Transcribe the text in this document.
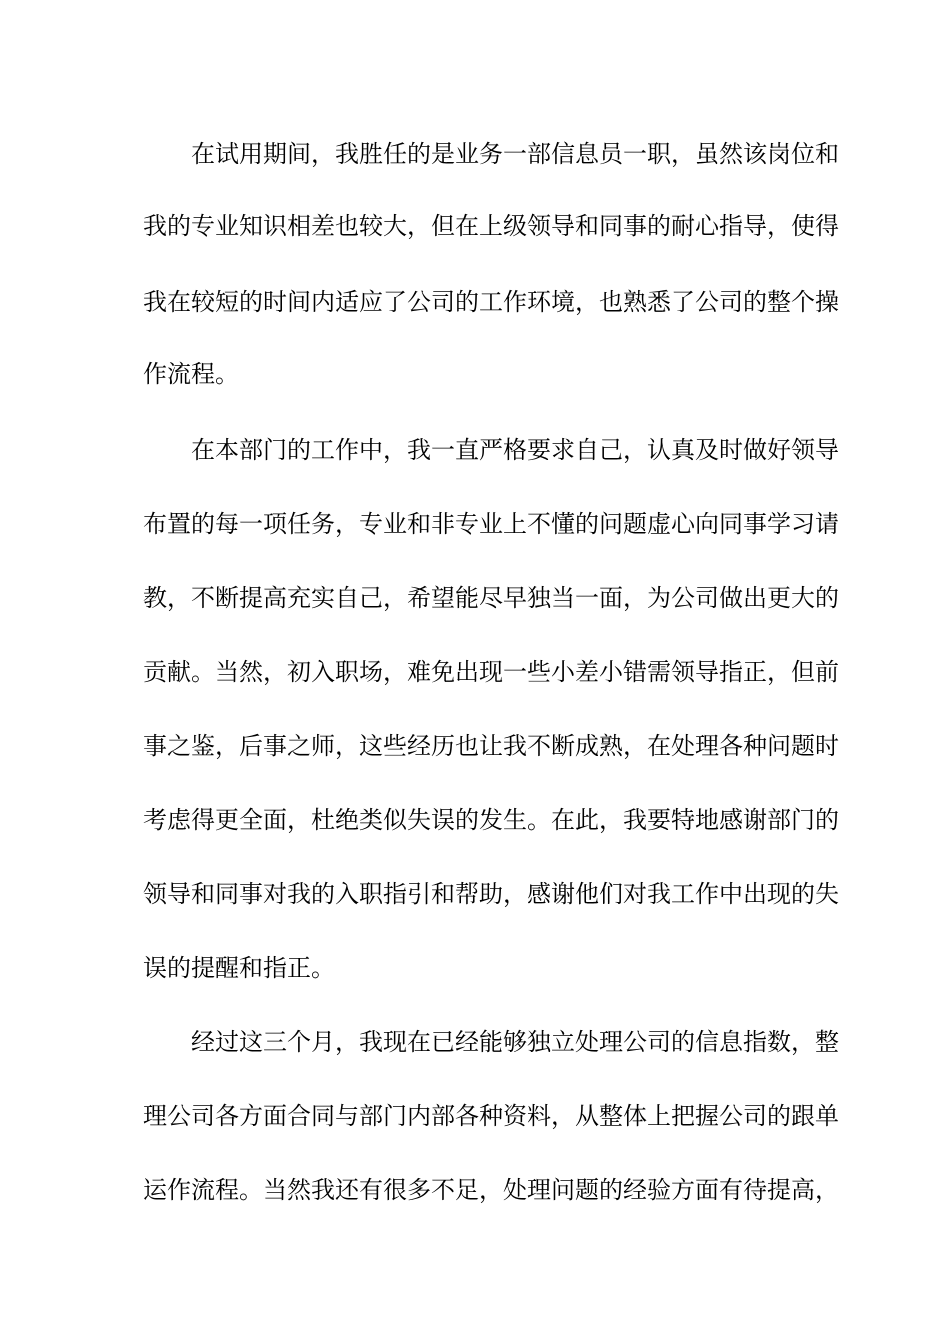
在试用期间，我胜任的是业务一部信息员一职，虽然该岗位和
我的专业知识相差也较大，但在上级领导和同事的耐心指导，使得
我在较短的时间内适应了公司的工作环境，也熟悉了公司的整个操
作流程。
在本部门的工作中，我一直严格要求自己，认真及时做好领导
布置的每一项任务，专业和非专业上不懂的问题虚心向同事学习请
教，不断提高充实自己，希望能尽早独当一面，为公司做出更大的
贡献。当然，初入职场，难免出现一些小差小错需领导指正，但前
事之鉴，后事之师，这些经历也让我不断成熟，在处理各种问题时
考虑得更全面，杜绝类似失误的发生。在此，我要特地感谢部门的
领导和同事对我的入职指引和帮助，感谢他们对我工作中出现的失
误的提醒和指正。
经过这三个月，我现在已经能够独立处理公司的信息指数，整
理公司各方面合同与部门内部各种资料，从整体上把握公司的跟单
运作流程。当然我还有很多不足，处理问题的经验方面有待提高，
